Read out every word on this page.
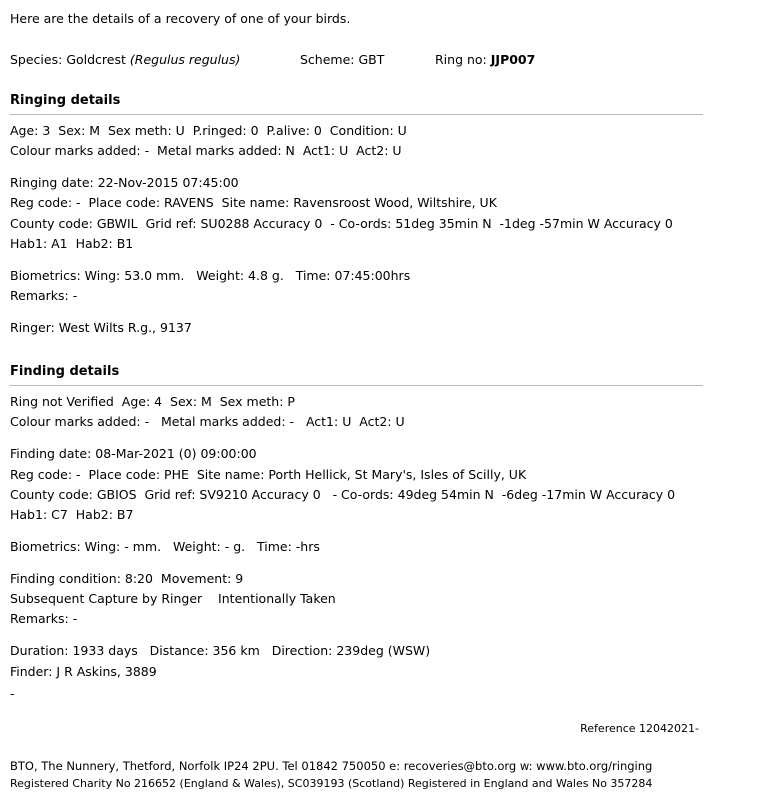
Here are the details of a recovery of one of your birds.

Species: Goldcrest (Regulus regulus)	Scheme: GBT	Ring no: JJP007
Ringing details

Age: 3  Sex: M  Sex meth: U  P.ringed: 0  P.alive: 0  Condition: U

Colour marks added: -  Metal marks added: N  Act1: U  Act2: U

Ringing date: 22-Nov-2015 07:45:00

Reg code: -  Place code: RAVENS  Site name: Ravensroost Wood, Wiltshire, UK

County code: GBWIL  Grid ref: SU0288 Accuracy 0  - Co-ords: 51deg 35min N  -1deg -57min W Accuracy 0

Hab1: A1  Hab2: B1

Biometrics: Wing: 53.0 mm.   Weight: 4.8 g.   Time: 07:45:00hrs

Remarks: -

Ringer: West Wilts R.g., 9137

Finding details

Ring not Verified  Age: 4  Sex: M  Sex meth: P

Colour marks added: -   Metal marks added: -   Act1: U  Act2: U

Finding date: 08-Mar-2021 (0) 09:00:00

Reg code: -  Place code: PHE  Site name: Porth Hellick, St Mary's, Isles of Scilly, UK

County code: GBIOS  Grid ref: SV9210 Accuracy 0   - Co-ords: 49deg 54min N  -6deg -17min W Accuracy 0

Hab1: C7  Hab2: B7

Biometrics: Wing: - mm.   Weight: - g.   Time: -hrs

Finding condition: 8:20  Movement: 9

Subsequent Capture by Ringer    Intentionally Taken

Remarks: -

Duration: 1933 days   Distance: 356 km   Direction: 239deg (WSW)

Finder: J R Askins, 3889

-

Reference 12042021-
BTO, The Nunnery, Thetford, Norfolk IP24 2PU. Tel 01842 750050 e: recoveries@bto.org w: www.bto.org/ringing
Registered Charity No 216652 (England & Wales), SC039193 (Scotland) Registered in England and Wales No 357284
